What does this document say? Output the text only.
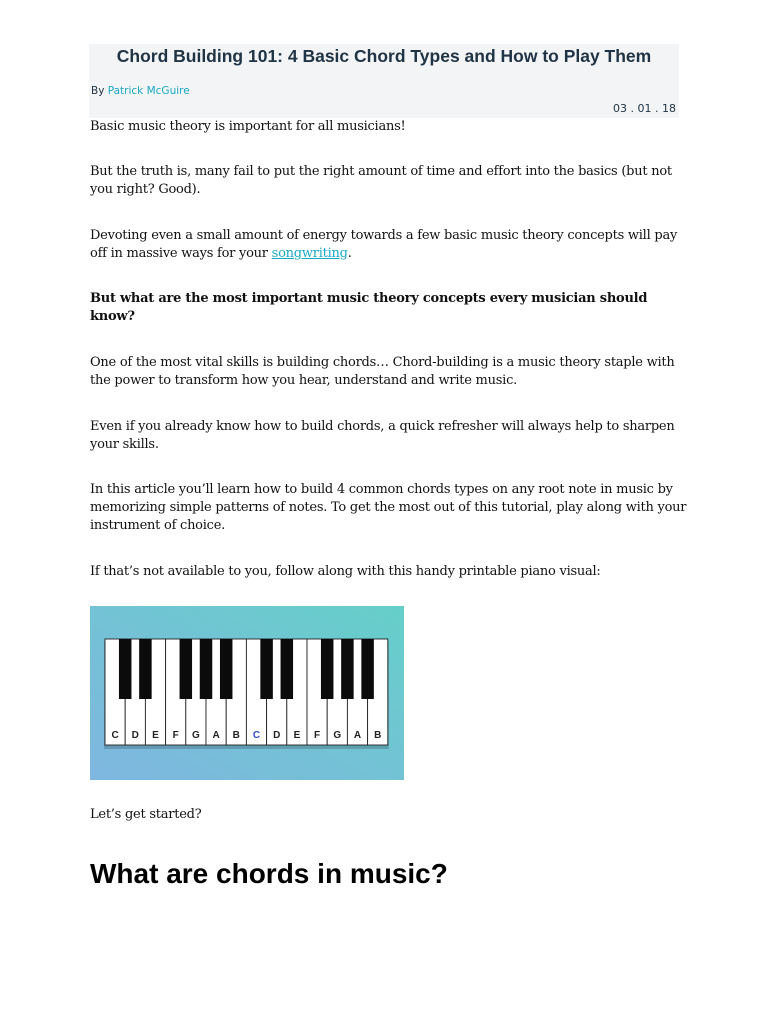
Chord Building 101: 4 Basic Chord Types and How to Play Them
By Patrick McGuire
03 . 01 . 18

Basic music theory is important for all musicians!

But the truth is, many fail to put the right amount of time and effort into the basics (but not you right? Good).

Devoting even a small amount of energy towards a few basic music theory concepts will pay off in massive ways for your songwriting.

But what are the most important music theory concepts every musician should know?

One of the most vital skills is building chords… Chord-building is a music theory staple with the power to transform how you hear, understand and write music.

Even if you already know how to build chords, a quick refresher will always help to sharpen your skills.

In this article you’ll learn how to build 4 common chords types on any root note in music by memorizing simple patterns of notes. To get the most out of this tutorial, play along with your instrument of choice.

If that’s not available to you, follow along with this handy printable piano visual:

C D E F G A B C D E F G A B

Let’s get started?

What are chords in music?
